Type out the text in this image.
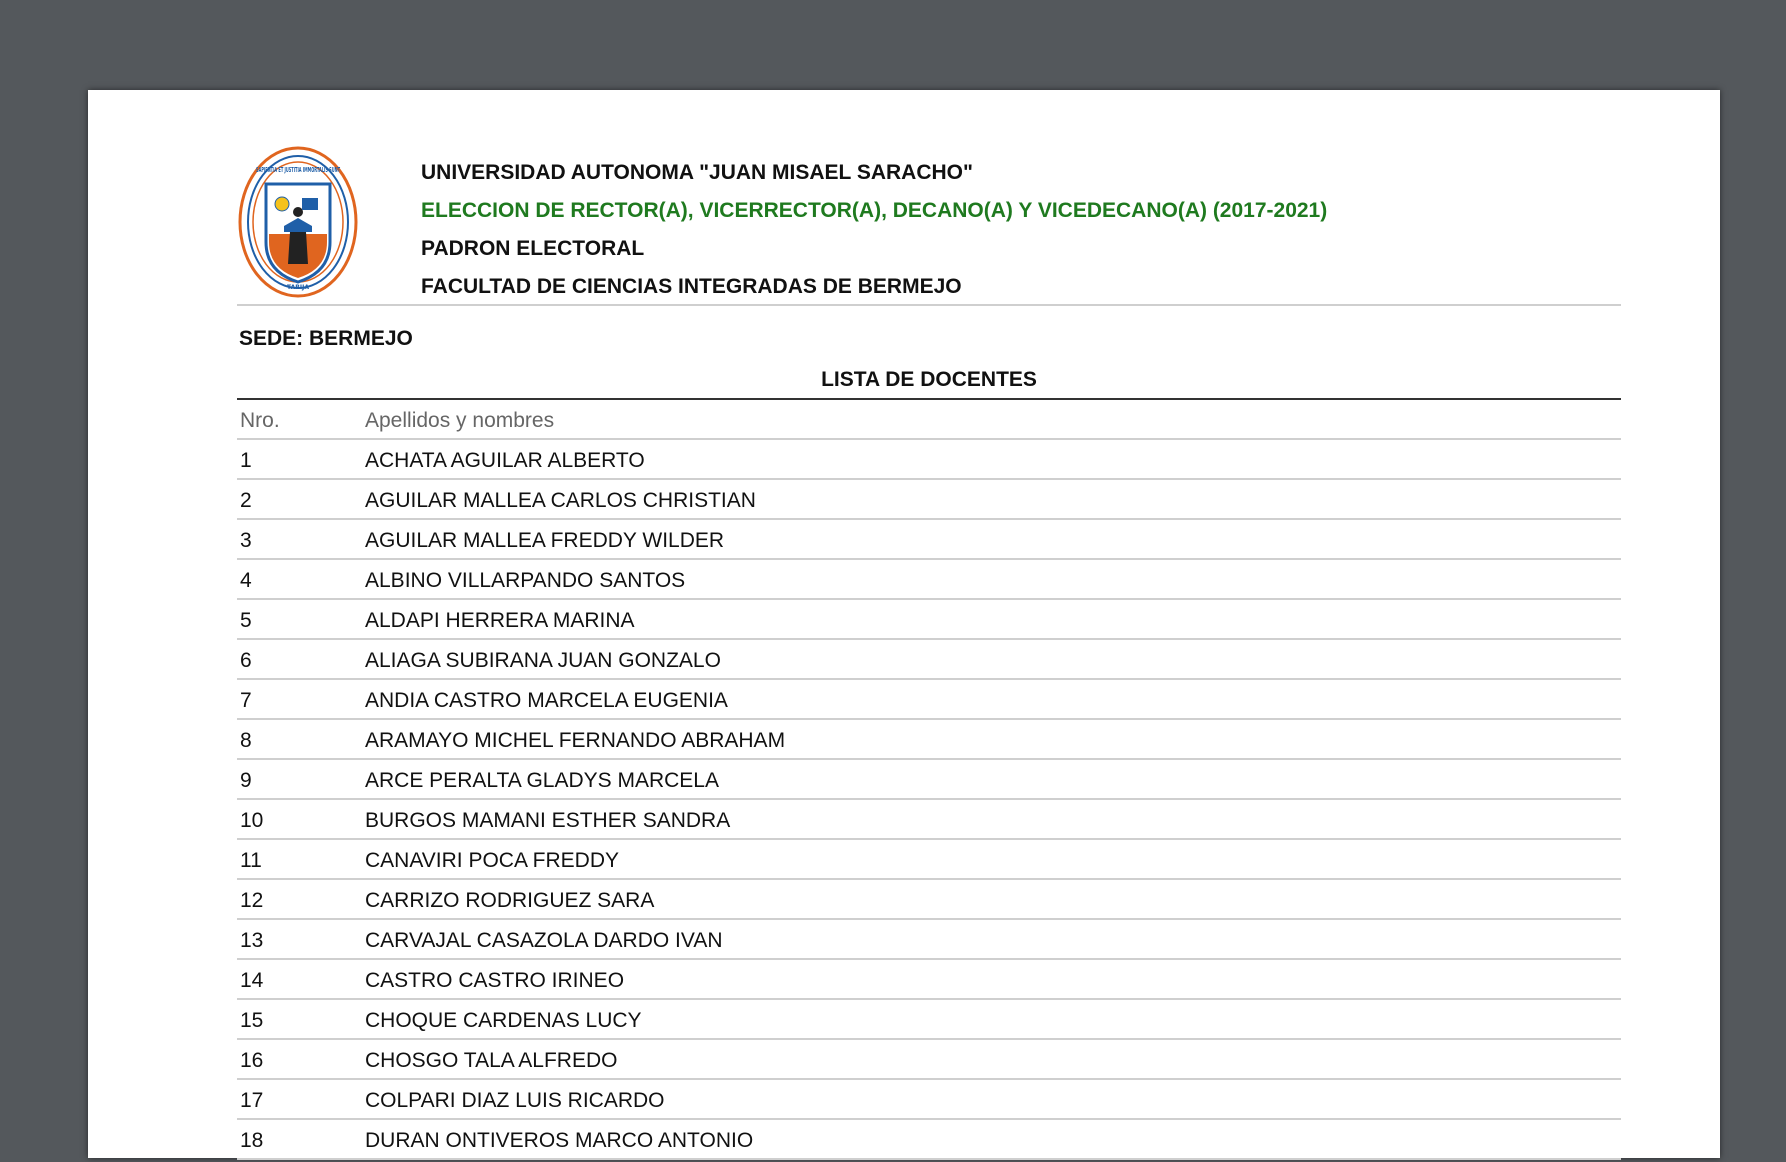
SAPIENTIA ET JUSTITIA IMMORTALIS SUNT
TARIJA
UNIVERSIDAD AUTONOMA "JUAN MISAEL SARACHO"
ELECCION DE RECTOR(A), VICERRECTOR(A), DECANO(A) Y VICEDECANO(A) (2017-2021)
PADRON ELECTORAL
FACULTAD DE CIENCIAS INTEGRADAS DE BERMEJO
SEDE: BERMEJO
LISTA DE DOCENTES
Nro.	Apellidos y nombres
1	ACHATA AGUILAR ALBERTO
2	AGUILAR MALLEA CARLOS CHRISTIAN
3	AGUILAR MALLEA FREDDY WILDER
4	ALBINO VILLARPANDO SANTOS
5	ALDAPI HERRERA MARINA
6	ALIAGA SUBIRANA JUAN GONZALO
7	ANDIA CASTRO MARCELA EUGENIA
8	ARAMAYO MICHEL FERNANDO ABRAHAM
9	ARCE PERALTA GLADYS MARCELA
10	BURGOS MAMANI ESTHER SANDRA
11	CANAVIRI POCA FREDDY
12	CARRIZO RODRIGUEZ SARA
13	CARVAJAL CASAZOLA DARDO IVAN
14	CASTRO CASTRO IRINEO
15	CHOQUE CARDENAS LUCY
16	CHOSGO TALA ALFREDO
17	COLPARI DIAZ LUIS RICARDO
18	DURAN ONTIVEROS MARCO ANTONIO
